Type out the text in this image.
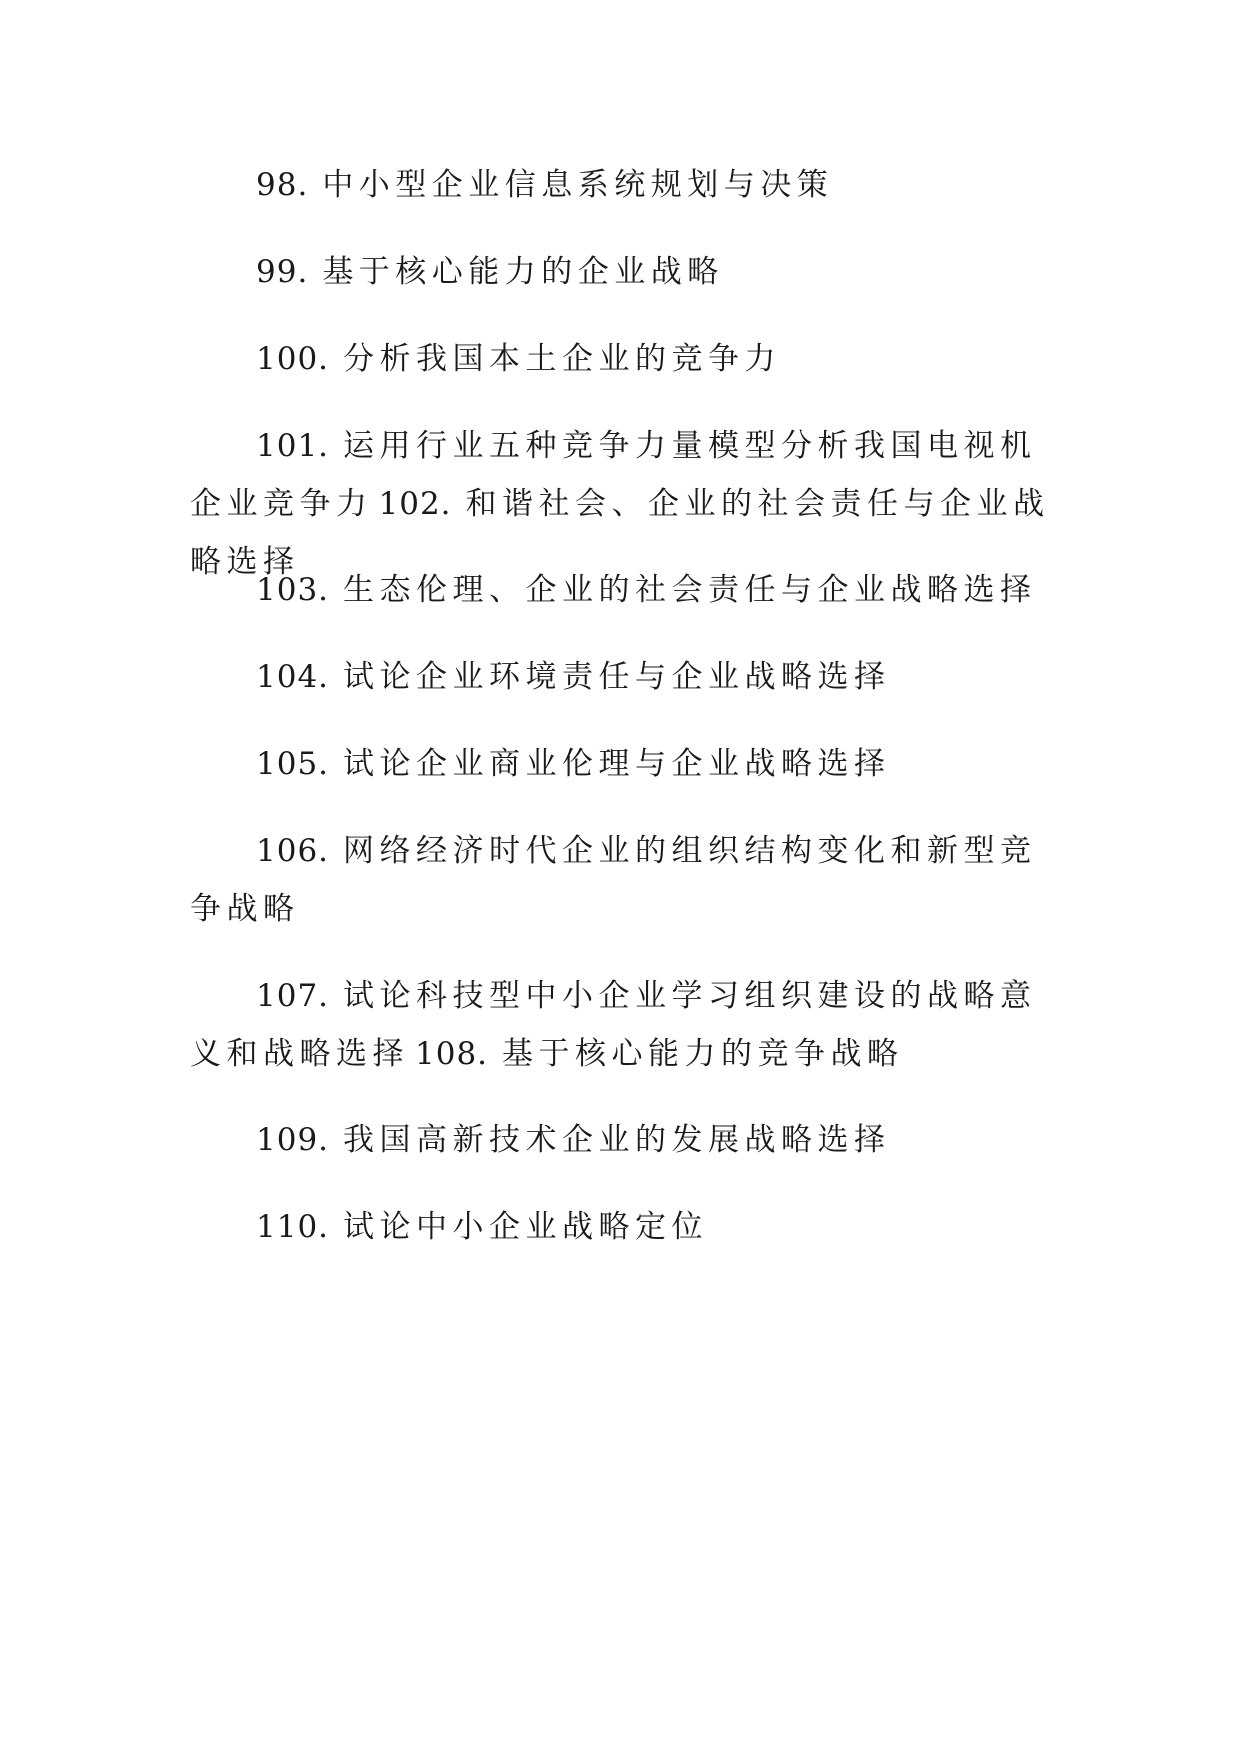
98. 中小型企业信息系统规划与决策

99. 基于核心能力的企业战略

100. 分析我国本土企业的竞争力

101. 运用行业五种竞争力量模型分析我国电视机企业竞争力 102. 和谐社会、企业的社会责任与企业战略选择

103. 生态伦理、企业的社会责任与企业战略选择

104. 试论企业环境责任与企业战略选择

105. 试论企业商业伦理与企业战略选择

106. 网络经济时代企业的组织结构变化和新型竞争战略

107. 试论科技型中小企业学习组织建设的战略意义和战略选择 108. 基于核心能力的竞争战略

109. 我国高新技术企业的发展战略选择

110. 试论中小企业战略定位
